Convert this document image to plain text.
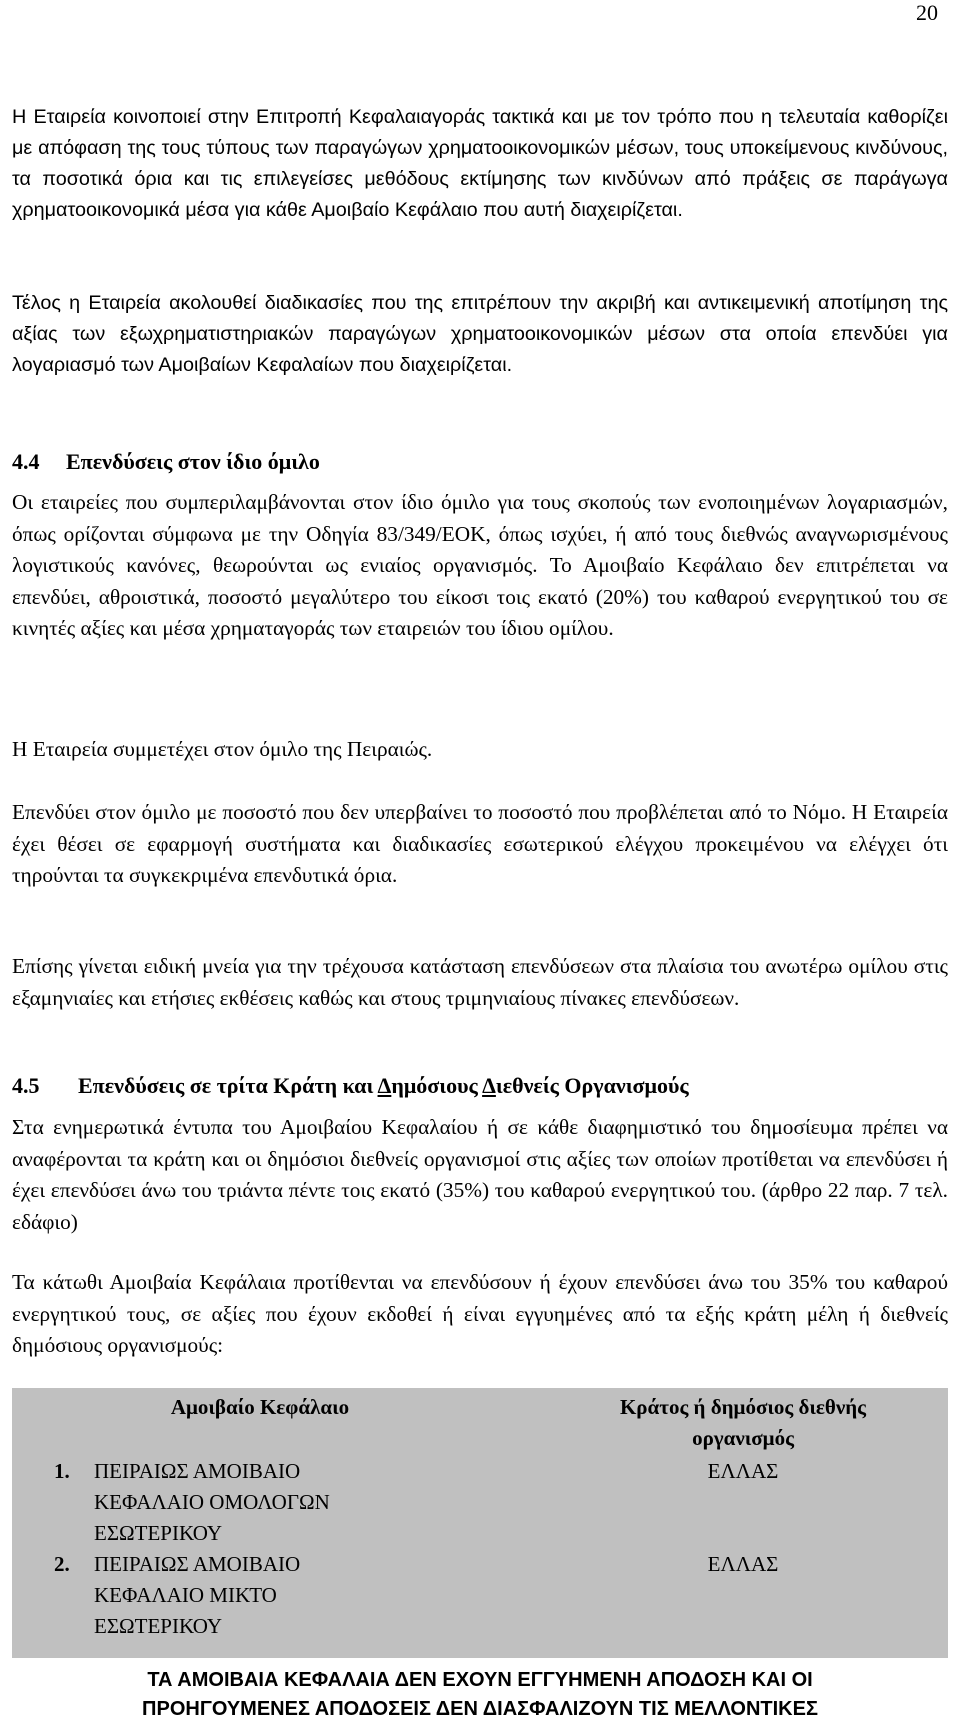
20

Η Εταιρεία κοινοποιεί στην Επιτροπή Κεφαλαιαγοράς τακτικά και με τον τρόπο που η τελευταία καθορίζει με απόφαση της τους τύπους των παραγώγων χρηματοοικονομικών μέσων, τους υποκείμενους κινδύνους, τα ποσοτικά όρια και τις επιλεγείσες μεθόδους εκτίμησης των κινδύνων από πράξεις σε παράγωγα χρηματοοικονομικά μέσα για κάθε Αμοιβαίο Κεφάλαιο που αυτή διαχειρίζεται.

Τέλος η Εταιρεία ακολουθεί διαδικασίες που της επιτρέπουν την ακριβή και αντικειμενική αποτίμηση της αξίας των εξωχρηματιστηριακών παραγώγων χρηματοοικονομικών μέσων στα οποία επενδύει για λογαριασμό των Αμοιβαίων Κεφαλαίων που διαχειρίζεται.

4.4 Επενδύσεις στον ίδιο όμιλο

Οι εταιρείες που συμπεριλαμβάνονται στον ίδιο όμιλο για τους σκοπούς των ενοποιημένων λογαριασμών, όπως ορίζονται σύμφωνα με την Οδηγία 83/349/ΕΟΚ, όπως ισχύει, ή από τους διεθνώς αναγνωρισμένους λογιστικούς κανόνες, θεωρούνται ως ενιαίος οργανισμός. Το Αμοιβαίο Κεφάλαιο δεν επιτρέπεται να επενδύει, αθροιστικά, ποσοστό μεγαλύτερο του είκοσι τοις εκατό (20%) του καθαρού ενεργητικού του σε κινητές αξίες και μέσα χρηματαγοράς των εταιρειών του ίδιου ομίλου.

Η Εταιρεία συμμετέχει στον όμιλο της Πειραιώς.

Επενδύει στον όμιλο με ποσοστό που δεν υπερβαίνει το ποσοστό που προβλέπεται από το Νόμο. Η Εταιρεία έχει θέσει σε εφαρμογή συστήματα και διαδικασίες εσωτερικού ελέγχου προκειμένου να ελέγχει ότι τηρούνται τα συγκεκριμένα επενδυτικά όρια.

Επίσης γίνεται ειδική μνεία για την τρέχουσα κατάσταση επενδύσεων στα πλαίσια του ανωτέρω ομίλου στις εξαμηνιαίες και ετήσιες εκθέσεις καθώς και στους τριμηνιαίους πίνακες επενδύσεων.

4.5 Επενδύσεις σε τρίτα Κράτη και Δημόσιους Διεθνείς Οργανισμούς

Στα ενημερωτικά έντυπα του Αμοιβαίου Κεφαλαίου ή σε κάθε διαφημιστικό του δημοσίευμα πρέπει να αναφέρονται τα κράτη και οι δημόσιοι διεθνείς οργανισμοί στις αξίες των οποίων προτίθεται να επενδύσει ή έχει επενδύσει άνω του τριάντα πέντε τοις εκατό (35%) του καθαρού ενεργητικού του. (άρθρο 22 παρ. 7 τελ. εδάφιο)

Τα κάτωθι Αμοιβαία Κεφάλαια προτίθενται να επενδύσουν ή έχουν επενδύσει άνω του 35% του καθαρού ενεργητικού τους, σε αξίες που έχουν εκδοθεί ή είναι εγγυημένες από τα εξής κράτη μέλη ή διεθνείς δημόσιους οργανισμούς:

Αμοιβαίο Κεφάλαιο	Κράτος ή δημόσιος διεθνής
οργανισμός
1. ΠΕΙΡΑΙΩΣ ΑΜΟΙΒΑΙΟ
ΚΕΦΑΛΑΙΟ ΟΜΟΛΟΓΩΝ
ΕΣΩΤΕΡΙΚΟΥ
ΕΛΛΑΣ
2. ΠΕΙΡΑΙΩΣ ΑΜΟΙΒΑΙΟ
ΚΕΦΑΛΑΙΟ ΜΙΚΤΟ
ΕΣΩΤΕΡΙΚΟΥ
ΕΛΛΑΣ
ΤΑ ΑΜΟΙΒΑΙΑ ΚΕΦΑΛΑΙΑ ΔΕΝ ΕΧΟΥΝ ΕΓΓΥΗΜΕΝΗ ΑΠΟΔΟΣΗ ΚΑΙ ΟΙ
ΠΡΟΗΓΟΥΜΕΝΕΣ ΑΠΟΔΟΣΕΙΣ ΔΕΝ ΔΙΑΣΦΑΛΙΖΟΥΝ ΤΙΣ ΜΕΛΛΟΝΤΙΚΕΣ
